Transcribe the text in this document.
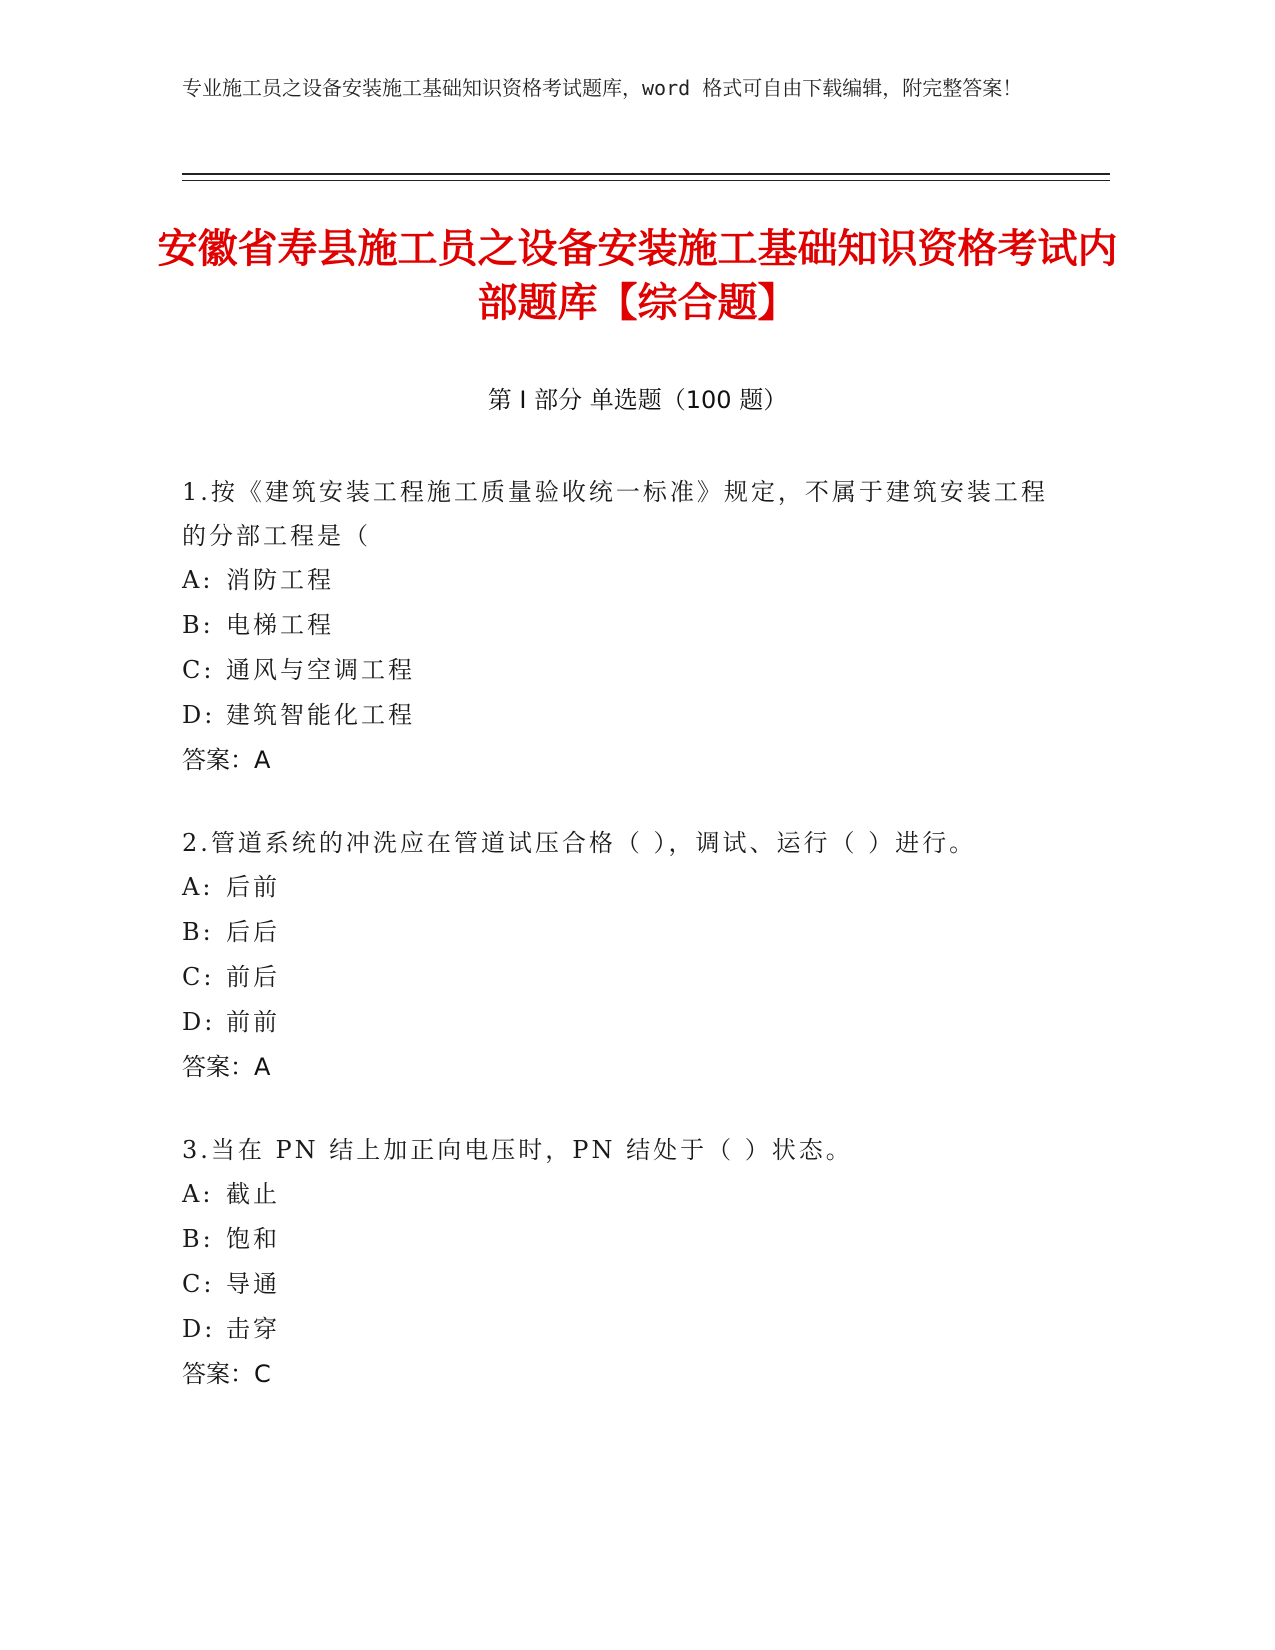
专业施工员之设备安装施工基础知识资格考试题库，word 格式可自由下载编辑，附完整答案！
安徽省寿县施工员之设备安装施工基础知识资格考试内部题库【综合题】
第 I 部分 单选题（100 题）
1.按《建筑安装工程施工质量验收统一标准》规定，不属于建筑安装工程的分部工程是（
A: 消防工程
B: 电梯工程
C: 通风与空调工程
D: 建筑智能化工程
答案：A
2.管道系统的冲洗应在管道试压合格（ ），调试、运行（ ）进行。
A: 后前
B: 后后
C: 前后
D: 前前
答案：A
3.当在 PN 结上加正向电压时，PN 结处于（ ）状态。
A: 截止
B: 饱和
C: 导通
D: 击穿
答案：C
